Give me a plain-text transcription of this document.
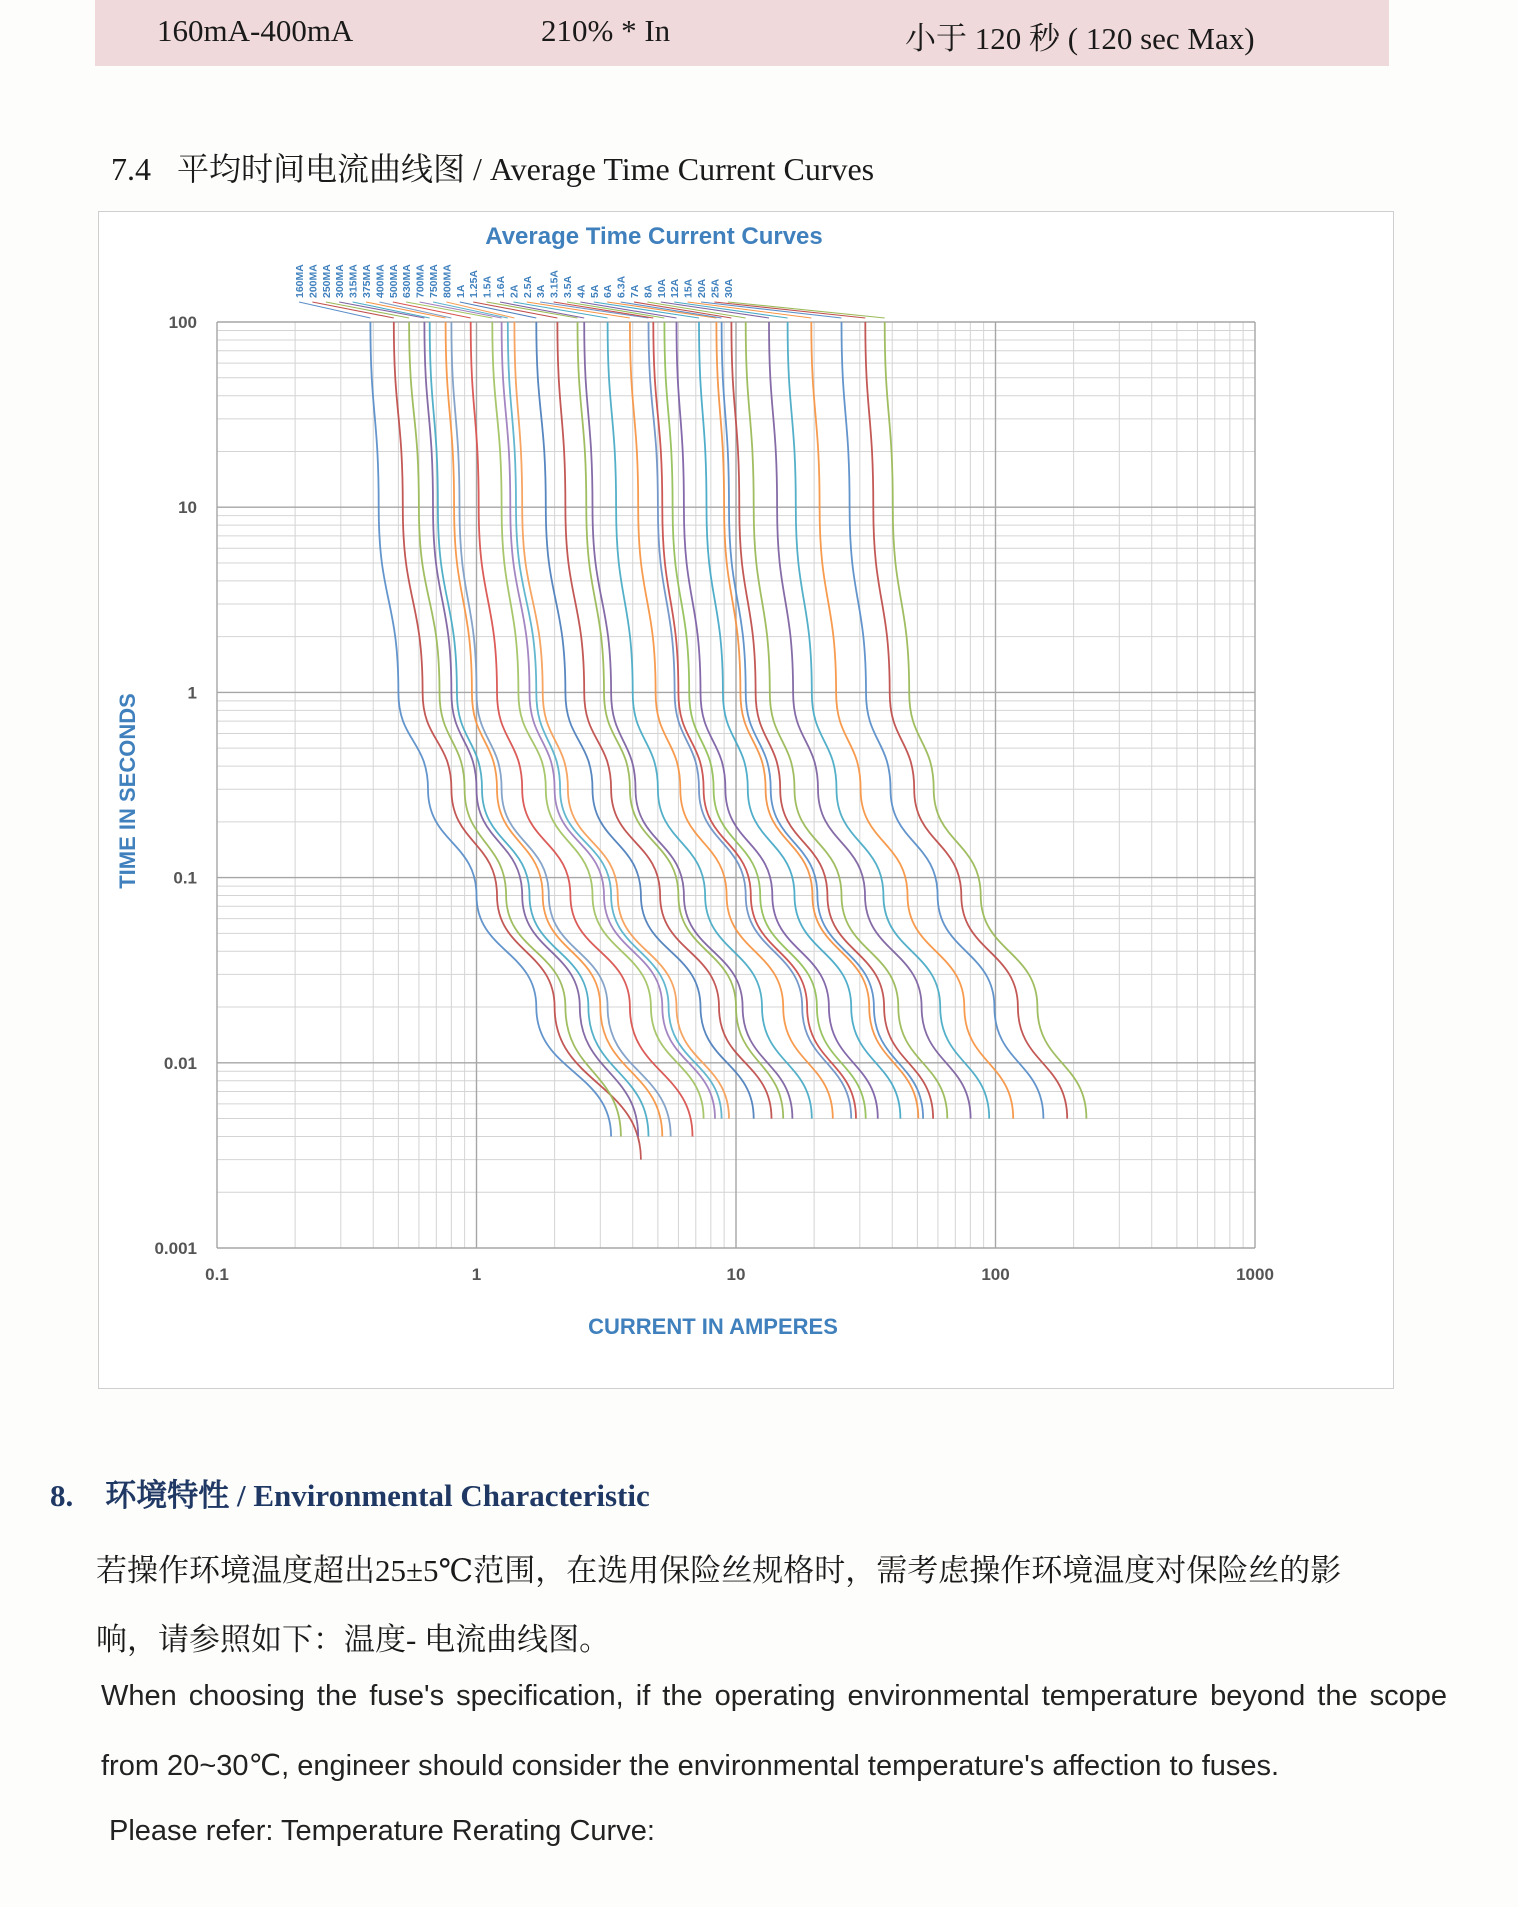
160mA-400mA	210% * In	小于 120 秒 ( 120 sec Max)
7.4 平均时间电流曲线图 / Average Time Current Curves
160MA 200MA 250MA 300MA 315MA 375MA 400MA 500MA 630MA 700MA 750MA 800MA 1A 1.25A 1.5A 1.6A 2A 2.5A 3A 3.15A 3.5A 4A 5A 6A 6.3A 7A 8A 10A 12A 15A 20A 25A 30A
0.1	1	10	100	1000
100
10
1
0.1
0.01
0.001
Average Time Current Curves
CURRENT IN AMPERES
TIME IN SECONDS
8. 环境特性 / Environmental Characteristic
若操作环境温度超出25±5℃范围，在选用保险丝规格时，需考虑操作环境温度对保险丝的影
响，请参照如下：温度- 电流曲线图。
When choosing the fuse's specification, if the operating environmental temperature beyond the scope
from 20~30℃, engineer should consider the environmental temperature's affection to fuses.
Please refer: Temperature Rerating Curve:
